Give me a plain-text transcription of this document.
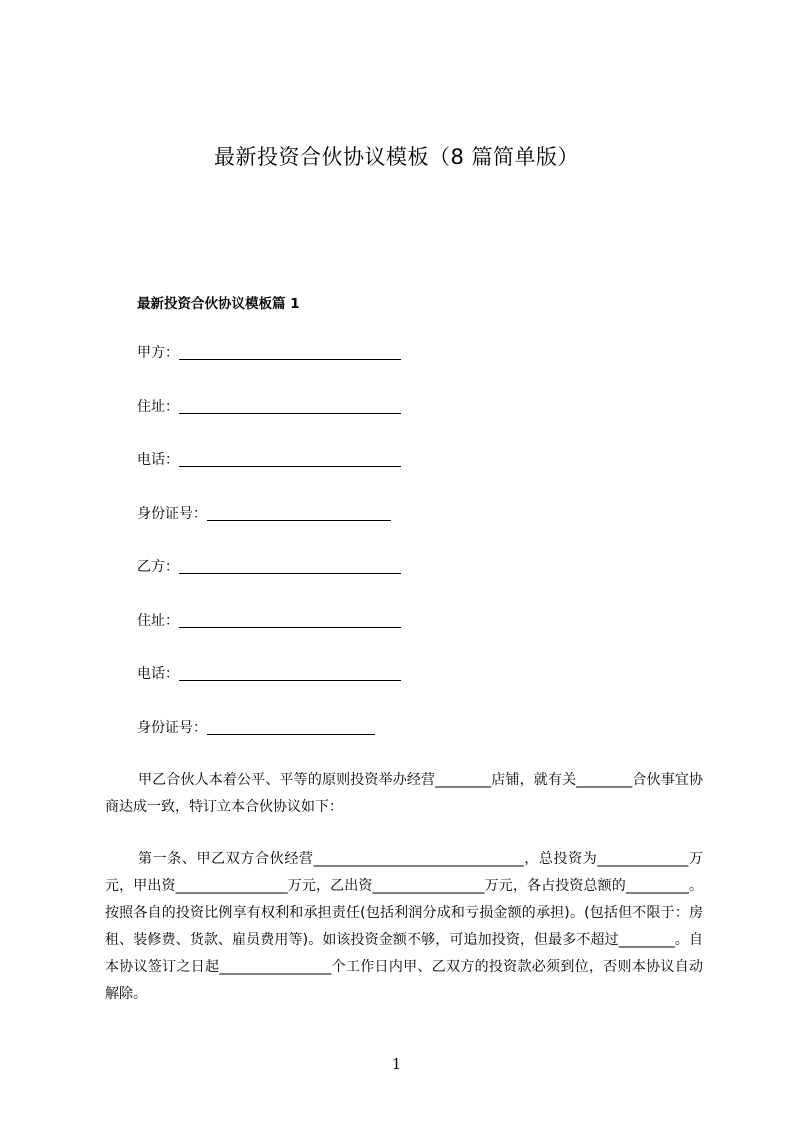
最新投资合伙协议模板（8 篇简单版）
最新投资合伙协议模板篇 1
甲方：
住址：
电话：
身份证号：
乙方：
住址：
电话：
身份证号：
甲乙合伙人本着公平、平等的原则投资举办经营________店铺，就有关________合伙事宜协商达成一致，特订立本合伙协议如下：
第一条、甲乙双方合伙经营______________________________，总投资为_____________万元，甲出资________________万元，乙出资________________万元，各占投资总额的_________。按照各自的投资比例享有权利和承担责任(包括利润分成和亏损金额的承担)。(包括但不限于：房租、装修费、货款、雇员费用等)。如该投资金额不够，可追加投资，但最多不超过________。自本协议签订之日起________________个工作日内甲、乙双方的投资款必须到位，否则本协议自动解除。
1
